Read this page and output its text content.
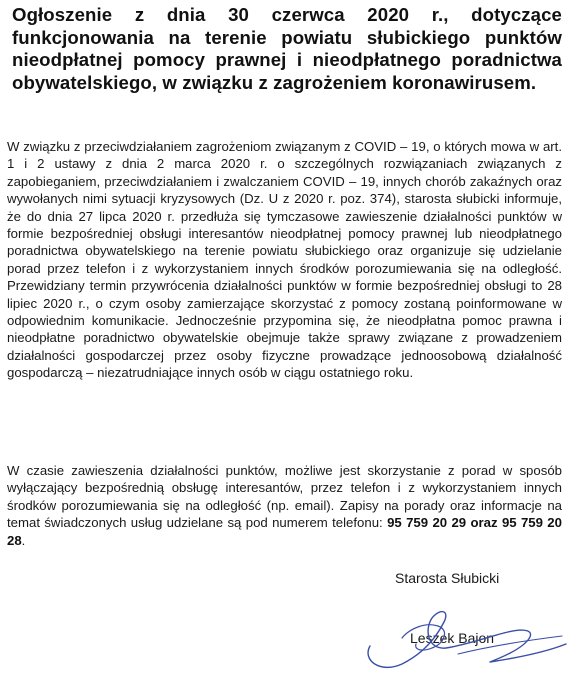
Ogłoszenie z dnia 30 czerwca 2020 r., dotyczące funkcjonowania na terenie powiatu słubickiego punktów nieodpłatnej pomocy prawnej i nieodpłatnego poradnictwa obywatelskiego, w związku z zagrożeniem koronawirusem.

W związku z przeciwdziałaniem zagrożeniom związanym z COVID – 19, o których mowa w art. 1 i 2 ustawy z dnia 2 marca 2020 r. o szczególnych rozwiązaniach związanych z zapobieganiem, przeciwdziałaniem i zwalczaniem COVID – 19, innych chorób zakaźnych oraz wywołanych nimi sytuacji kryzysowych (Dz. U z 2020 r. poz. 374), starosta słubicki informuje, że do dnia 27 lipca 2020 r. przedłuża się tymczasowe zawieszenie działalności punktów w formie bezpośredniej obsługi interesantów nieodpłatnej pomocy prawnej lub nieodpłatnego poradnictwa obywatelskiego na terenie powiatu słubickiego oraz organizuje się udzielanie porad przez telefon i z wykorzystaniem innych środków porozumiewania się na odległość. Przewidziany termin przywrócenia działalności punktów w formie bezpośredniej obsługi to 28 lipiec 2020 r., o czym osoby zamierzające skorzystać z pomocy zostaną poinformowane w odpowiednim komunikacie. Jednocześnie przypomina się, że nieodpłatna pomoc prawna i nieodpłatne poradnictwo obywatelskie obejmuje także sprawy związane z prowadzeniem działalności gospodarczej przez osoby fizyczne prowadzące jednoosobową działalność gospodarczą – niezatrudniające innych osób w ciągu ostatniego roku.

W czasie zawieszenia działalności punktów, możliwe jest skorzystanie z porad w sposób wyłączający bezpośrednią obsługę interesantów, przez telefon i z wykorzystaniem innych środków porozumiewania się na odległość (np. email). Zapisy na porady oraz informacje na temat świadczonych usług udzielane są pod numerem telefonu: 95 759 20 29 oraz 95 759 20 28.

Starosta Słubicki

Leszek Bajon
